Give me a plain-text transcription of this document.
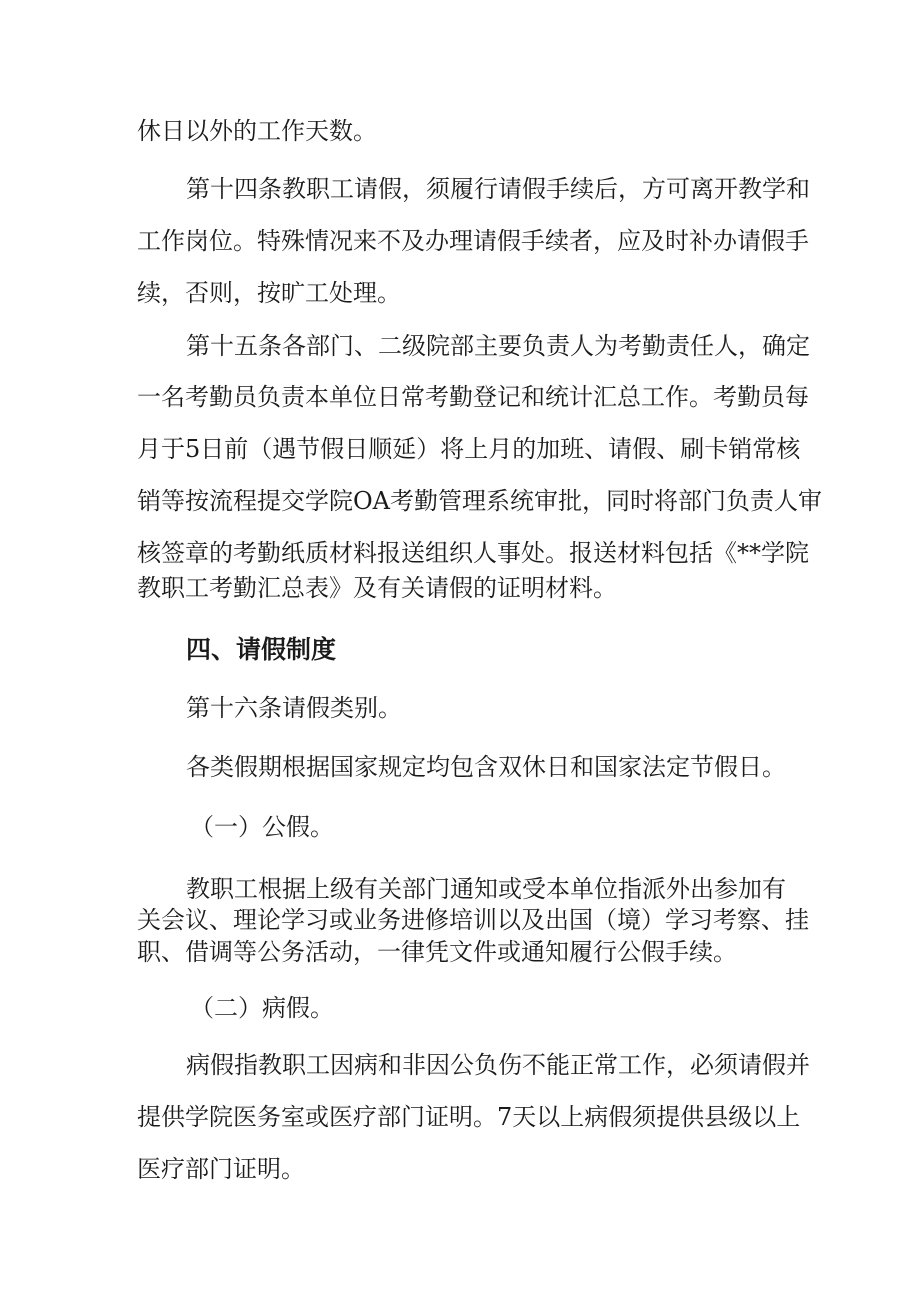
休日以外的工作天数。

第十四条教职工请假，须履行请假手续后，方可离开教学和

工作岗位。特殊情况来不及办理请假手续者，应及时补办请假手

续，否则，按旷工处理。

第十五条各部门、二级院部主要负责人为考勤责任人，确定

一名考勤员负责本单位日常考勤登记和统计汇总工作。考勤员每

月于5日前（遇节假日顺延）将上月的加班、请假、刷卡销常核

销等按流程提交学院OA考勤管理系统审批，同时将部门负责人审

核签章的考勤纸质材料报送组织人事处。报送材料包括《**学院

教职工考勤汇总表》及有关请假的证明材料。

四、请假制度

第十六条请假类别。

各类假期根据国家规定均包含双休日和国家法定节假日。

（一）公假。

教职工根据上级有关部门通知或受本单位指派外出参加有

关会议、理论学习或业务进修培训以及出国（境）学习考察、挂

职、借调等公务活动，一律凭文件或通知履行公假手续。

（二）病假。

病假指教职工因病和非因公负伤不能正常工作，必须请假并

提供学院医务室或医疗部门证明。7天以上病假须提供县级以上

医疗部门证明。
